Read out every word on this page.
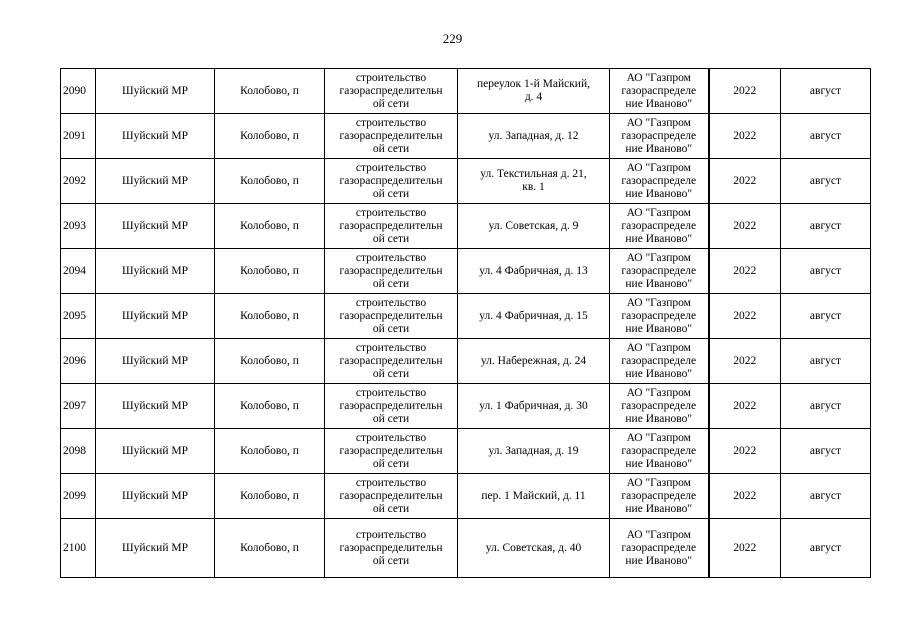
229
2090	Шуйский МР	Колобово, п	строительство
газораспределительн
ой сети	переулок 1-й Майский,
д. 4	АО "Газпром
газораспределе
ние Иваново"	2022	август
2091	Шуйский МР	Колобово, п	строительство
газораспределительн
ой сети	ул. Западная, д. 12	АО "Газпром
газораспределе
ние Иваново"	2022	август
2092	Шуйский МР	Колобово, п	строительство
газораспределительн
ой сети	ул. Текстильная д. 21,
кв. 1	АО "Газпром
газораспределе
ние Иваново"	2022	август
2093	Шуйский МР	Колобово, п	строительство
газораспределительн
ой сети	ул. Советская, д. 9	АО "Газпром
газораспределе
ние Иваново"	2022	август
2094	Шуйский МР	Колобово, п	строительство
газораспределительн
ой сети	ул. 4 Фабричная, д. 13	АО "Газпром
газораспределе
ние Иваново"	2022	август
2095	Шуйский МР	Колобово, п	строительство
газораспределительн
ой сети	ул. 4 Фабричная, д. 15	АО "Газпром
газораспределе
ние Иваново"	2022	август
2096	Шуйский МР	Колобово, п	строительство
газораспределительн
ой сети	ул. Набережная, д. 24	АО "Газпром
газораспределе
ние Иваново"	2022	август
2097	Шуйский МР	Колобово, п	строительство
газораспределительн
ой сети	ул. 1 Фабричная, д. 30	АО "Газпром
газораспределе
ние Иваново"	2022	август
2098	Шуйский МР	Колобово, п	строительство
газораспределительн
ой сети	ул. Западная, д. 19	АО "Газпром
газораспределе
ние Иваново"	2022	август
2099	Шуйский МР	Колобово, п	строительство
газораспределительн
ой сети	пер. 1 Майский, д. 11	АО "Газпром
газораспределе
ние Иваново"	2022	август
2100	Шуйский МР	Колобово, п	строительство
газораспределительн
ой сети	ул. Советская, д. 40	АО "Газпром
газораспределе
ние Иваново"	2022	август
